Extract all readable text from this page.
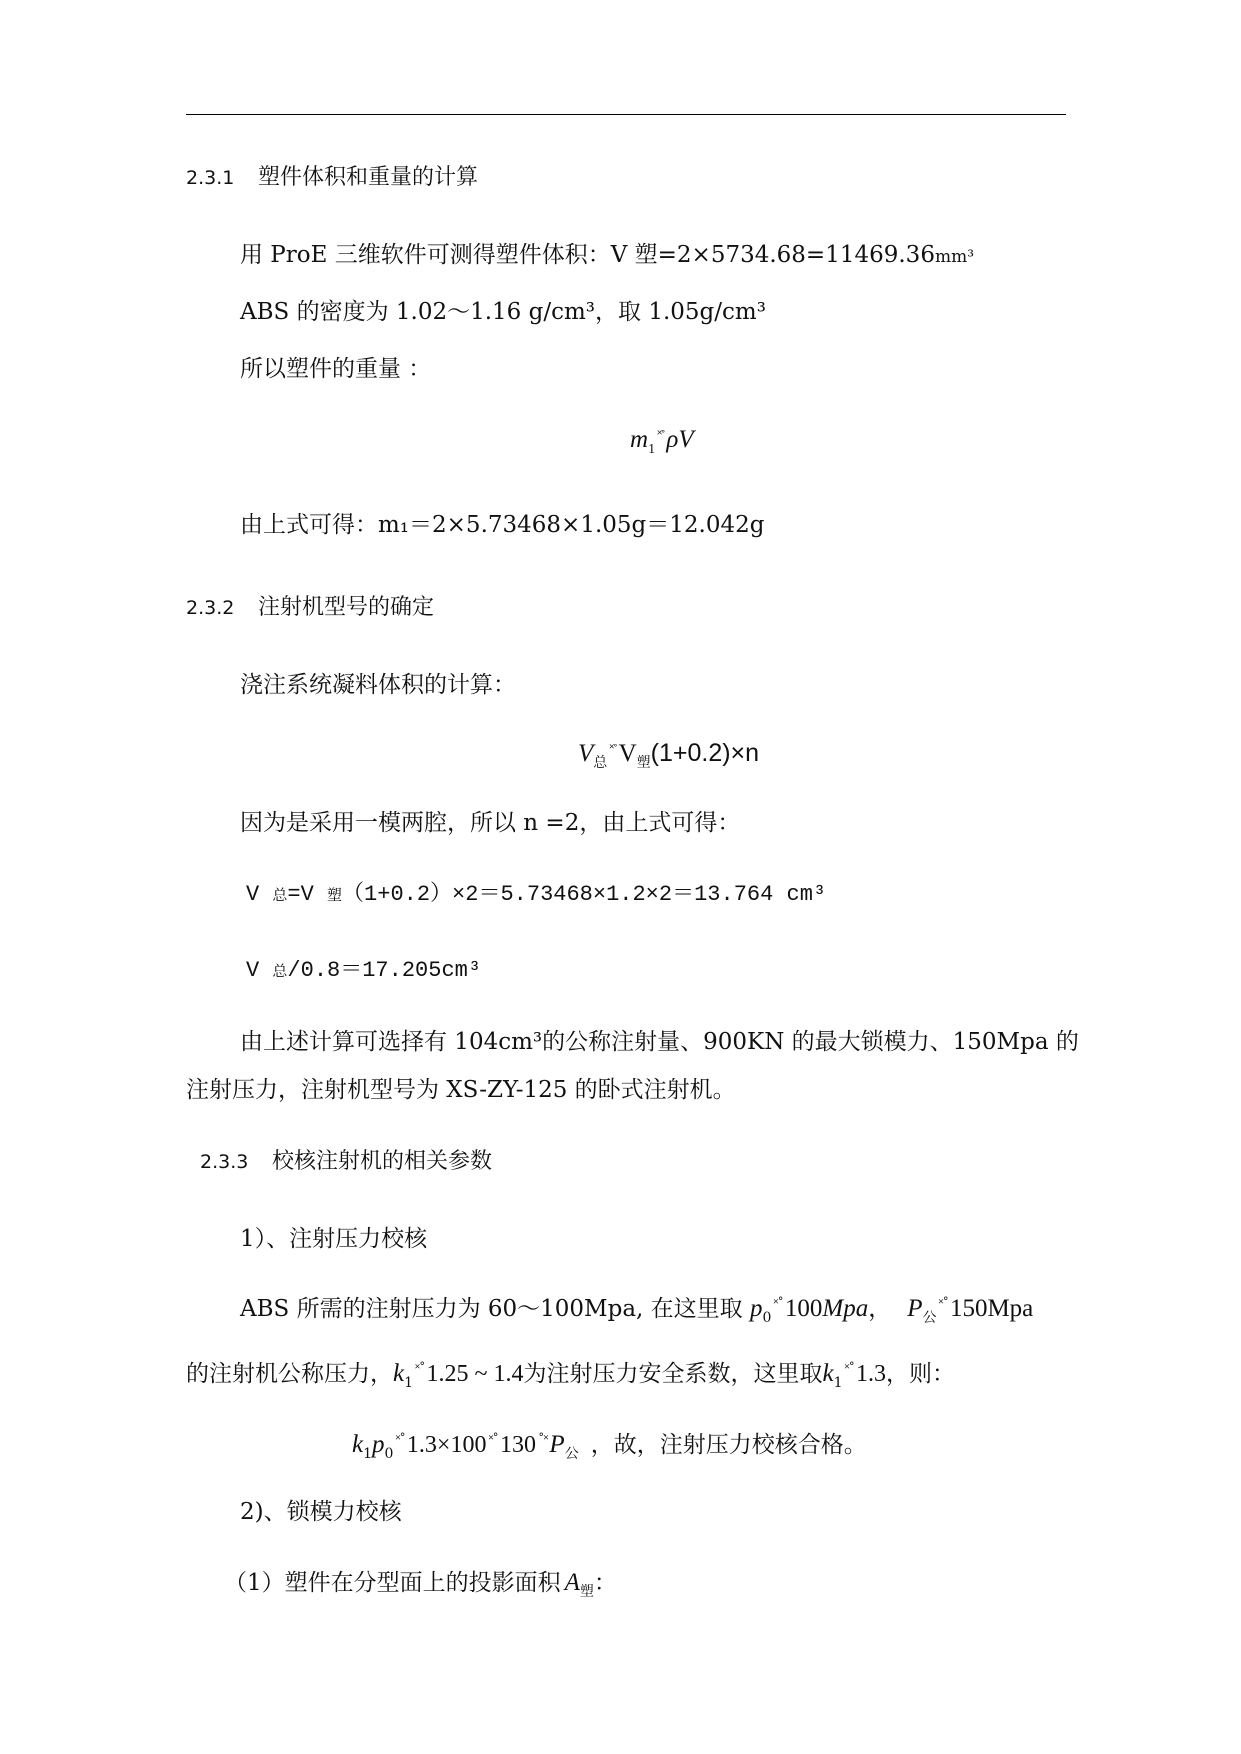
2.3.1 塑件体积和重量的计算
用 ProE 三维软件可测得塑件体积：V 塑=2×5734.68=11469.36mm³
ABS 的密度为 1.02～1.16 g/cm³，取 1.05g/cm³
所以塑件的重量 ：
$m_1^{˟˚}\rho V$
由上式可得：m₁＝2×5.73468×1.05g＝12.042g
2.3.2 注射机型号的确定
浇注系统凝料体积的计算：
$V_总^{˟˚}V_塑(1+0.2)\times n$
因为是采用一模两腔，所以 n =2，由上式可得：
V 总=V 塑（1+0.2）×2＝5.73468×1.2×2＝13.764 cm³
V 总/0.8＝17.205cm³
由上述计算可选择有 104cm³的公称注射量、900KN 的最大锁模力、150Mpa 的
注射压力，注射机型号为 XS-ZY-125 的卧式注射机。
2.3.3 校核注射机的相关参数
1）、注射压力校核
ABS 所需的注射压力为 60～100Mpa, 在这里取 $p_0^{˟˚}100Mpa$， $P_公^{˟˚}150Mpa$
的注射机公称压力，$k_1^{˟˚}1.25$ ~ 1.4为注射压力安全系数，这里取$k_1^{˟˚}1.3$，则：
$k_1p_0^{˟˚}1.3\times 100$ ˟˚130 $^{˚˟}P_公$ ，故，注射压力校核合格。
2)、锁模力校核
（1）塑件在分型面上的投影面积 $A_塑$：
